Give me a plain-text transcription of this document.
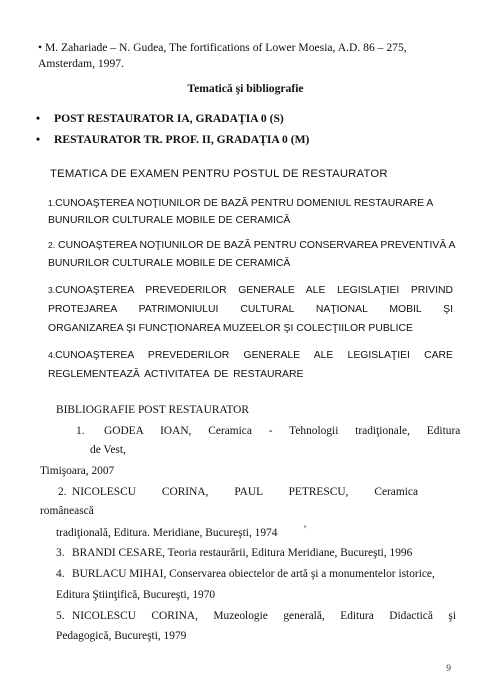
• M. Zahariade – N. Gudea, The fortifications of Lower Moesia, A.D. 86 – 275, Amsterdam, 1997.
Tematică şi bibliografie
• POST RESTAURATOR IA, GRADAŢIA 0 (S)
• RESTAURATOR TR. PROF. II, GRADAŢIA 0 (M)
TEMATICA DE EXAMEN PENTRU POSTUL DE RESTAURATOR
1.CUNOAŞTEREA NOŢIUNILOR DE BAZĂ PENTRU DOMENIUL RESTAURARE A
BUNURILOR CULTURALE MOBILE DE CERAMICĂ
2. CUNOAŞTEREA NOŢIUNILOR DE BAZĂ PENTRU CONSERVAREA PREVENTIVĂ A
BUNURILOR CULTURALE MOBILE DE CERAMICĂ
3.CUNOAŞTEREA PREVEDERILOR GENERALE ALE LEGISLAŢIEI PRIVIND
PROTEJAREA PATRIMONIULUI CULTURAL NAŢIONAL MOBIL ŞI
ORGANIZAREA ŞI FUNCŢIONAREA MUZEELOR ŞI COLECŢIILOR PUBLICE
4.CUNOAŞTEREA PREVEDERILOR GENERALE ALE LEGISLAŢIEI CARE
REGLEMENTEAZĂ ACTIVITATEA DE RESTAURARE
BIBLIOGRAFIE POST RESTAURATOR
1. GODEA IOAN, Ceramica - Tehnologii tradiţionale, Editura
de Vest,
Timişoara, 2007
2. NICOLESCU CORINA, PAUL PETRESCU, Ceramica
românească
tradiţională, Editura. Meridiane, Bucureşti, 1974 '
3. BRANDI CESARE, Teoria restaurării, Editura Meridiane, Bucureşti, 1996
4. BURLACU MIHAI, Conservarea obiectelor de artă şi a monumentelor istorice,
Editura Ştiinţifică, Bucureşti, 1970
5. NICOLESCU CORINA, Muzeologie generală, Editura Didactică şi
Pedagogică, Bucureşti, 1979
9
